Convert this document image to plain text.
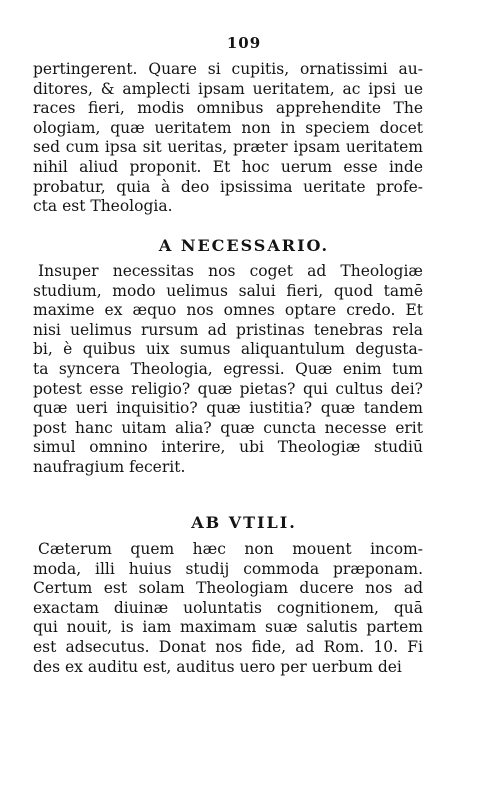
109
pertingerent. Quare si cupitis, ornatissimi au-
ditores, & amplecti ipsam ueritatem, ac ipsi ue
races fieri, modis omnibus apprehendite The
ologiam, quæ ueritatem non in speciem docet
sed cum ipsa sit ueritas, præter ipsam ueritatem
nihil aliud proponit. Et hoc uerum esse inde
probatur, quia à deo ipsissima ueritate profe-
cta est Theologia.
A NECESSARIO.
Insuper necessitas nos coget ad Theologiæ
studium, modo uelimus salui fieri, quod tamē
maxime ex æquo nos omnes optare credo. Et
nisi uelimus rursum ad pristinas tenebras rela
bi, è quibus uix sumus aliquantulum degusta-
ta syncera Theologia, egressi. Quæ enim tum
potest esse religio? quæ pietas? qui cultus dei?
quæ ueri inquisitio? quæ iustitia? quæ tandem
post hanc uitam alia? quæ cuncta necesse erit
simul omnino interire, ubi Theologiæ studiū
naufragium fecerit.
AB VTILI.
Cæterum quem hæc non mouent incom-
moda, illi huius studij commoda præponam.
Certum est solam Theologiam ducere nos ad
exactam diuinæ uoluntatis cognitionem, quā
qui nouit, is iam maximam suæ salutis partem
est adsecutus. Donat nos fide, ad Rom. 10. Fi
des ex auditu est, auditus uero per uerbum dei
